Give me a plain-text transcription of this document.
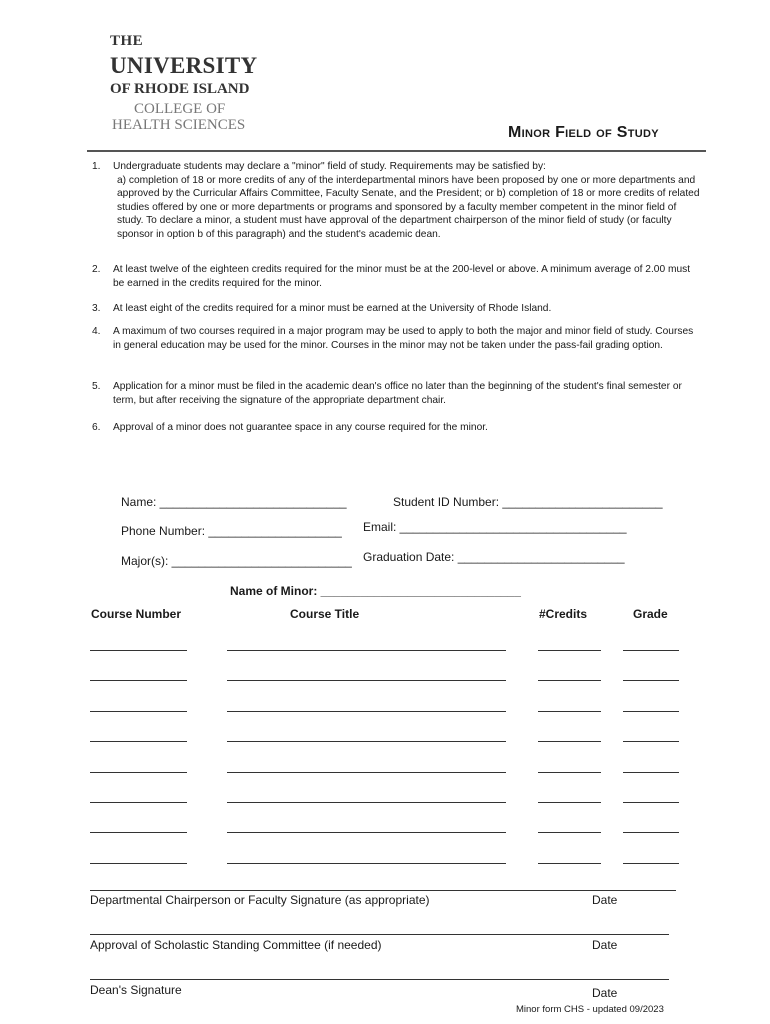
THE
UNIVERSITY
OF RHODE ISLAND
COLLEGE OF
HEALTH SCIENCES	Minor Field of Study
1. Undergraduate students may declare a "minor" field of study. Requirements may be satisfied by:
a) completion of 18 or more credits of any of the interdepartmental minors have been proposed by one or more departments and approved by the Curricular Affairs Committee, Faculty Senate, and the President; or b) completion of 18 or more credits of related studies offered by one or more departments or programs and sponsored by a faculty member competent in the minor field of study. To declare a minor, a student must have approval of the department chairperson of the minor field of study (or faculty sponsor in option b of this paragraph) and the student's academic dean.
2. At least twelve of the eighteen credits required for the minor must be at the 200-level or above. A minimum average of 2.00 must be earned in the credits required for the minor.
3. At least eight of the credits required for a minor must be earned at the University of Rhode Island.
4. A maximum of two courses required in a major program may be used to apply to both the major and minor field of study. Courses in general education may be used for the minor. Courses in the minor may not be taken under the pass-fail grading option.
5. Application for a minor must be filed in the academic dean's office no later than the beginning of the student's final semester or term, but after receiving the signature of the appropriate department chair.
6. Approval of a minor does not guarantee space in any course required for the minor.
Name: ____________________________	Student ID Number: ________________________
Phone Number: ____________________ Email: __________________________________
Major(s): ___________________________ Graduation Date: _________________________
Name of Minor: ______________________________
Course Number	Course Title	#Credits	Grade
Departmental Chairperson or Faculty Signature (as appropriate)	Date
Approval of Scholastic Standing Committee (if needed)	Date
Dean's Signature	Date
Minor form CHS - updated 09/2023
